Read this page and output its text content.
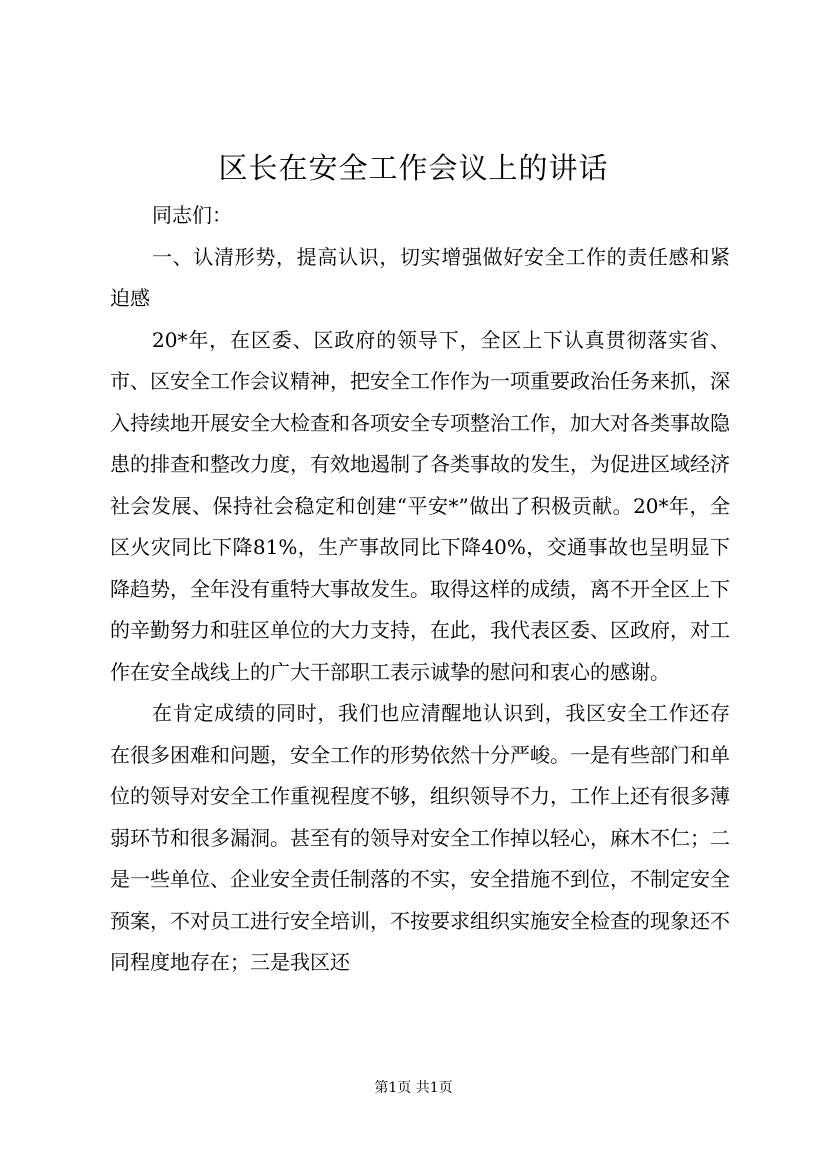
区长在安全工作会议上的讲话

同志们：

一、认清形势，提高认识，切实增强做好安全工作的责任感和紧迫感

20*年，在区委、区政府的领导下，全区上下认真贯彻落实省、市、区安全工作会议精神，把安全工作作为一项重要政治任务来抓，深入持续地开展安全大检查和各项安全专项整治工作，加大对各类事故隐患的排查和整改力度，有效地遏制了各类事故的发生，为促进区域经济社会发展、保持社会稳定和创建“平安*”做出了积极贡献。20*年，全区火灾同比下降81%，生产事故同比下降40%，交通事故也呈明显下降趋势，全年没有重特大事故发生。取得这样的成绩，离不开全区上下的辛勤努力和驻区单位的大力支持，在此，我代表区委、区政府，对工作在安全战线上的广大干部职工表示诚挚的慰问和衷心的感谢。

在肯定成绩的同时，我们也应清醒地认识到，我区安全工作还存在很多困难和问题，安全工作的形势依然十分严峻。一是有些部门和单位的领导对安全工作重视程度不够，组织领导不力，工作上还有很多薄弱环节和很多漏洞。甚至有的领导对安全工作掉以轻心，麻木不仁；二是一些单位、企业安全责任制落的不实，安全措施不到位，不制定安全预案，不对员工进行安全培训，不按要求组织实施安全检查的现象还不同程度地存在；三是我区还

第1页 共1页
